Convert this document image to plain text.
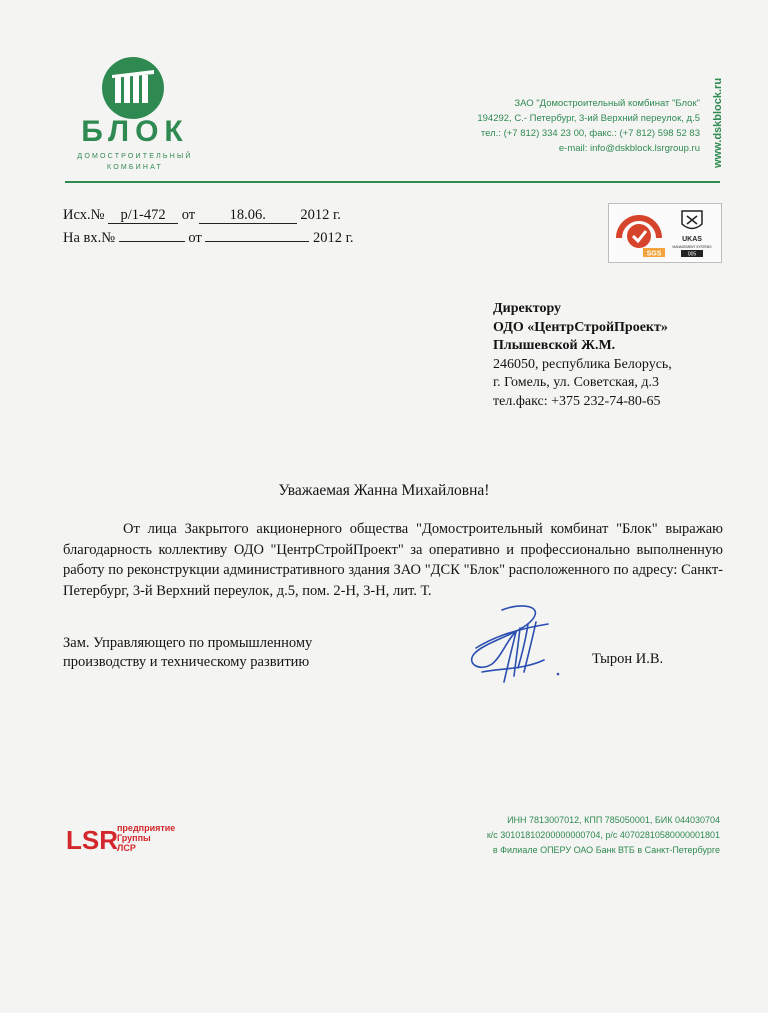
БЛОК
ДОМОСТРОИТЕЛЬНЫЙ
КОМБИНАТ
ЗАО "Домостроительный комбинат "Блок"
194292, С.- Петербург, 3-ий Верхний переулок, д.5
тел.: (+7 812) 334 23 00, факс.: (+7 812) 598 52 83
e-mail: info@dskblock.lsrgroup.ru www.dskblock.ru
Исх.№ р/1-472 от 18.06. 2012 г.
На вх.№	от	2012 г.
SGS
UKAS
MANAGEMENT SYSTEMS
005
Директору
ОДО «ЦентрСтройПроект»
Плышевской Ж.М.
246050, республика Белорусь,
г. Гомель, ул. Советская, д.3
тел.факс: +375 232-74-80-65
Уважаемая Жанна Михайловна!
От лица Закрытого акционерного общества "Домостроительный комбинат "Блок" выражаю благодарность коллективу ОДО "ЦентрСтройПроект" за оперативно и профессионально выполненную работу по реконструкции административного здания ЗАО "ДСК "Блок" расположенного по адресу: Санкт-Петербург, 3-й Верхний переулок, д.5, пом. 2-Н, 3-Н, лит. Т.
Зам. Управляющего по промышленному
производству и техническому развитию	Тырон И.В.
LSR предприятие
Группы
ЛСР
ИНН 7813007012, КПП 785050001, БИК 044030704
к/с 30101810200000000704, р/с 40702810580000001801
в Филиале ОПЕРУ ОАО Банк ВТБ в Санкт-Петербурге
